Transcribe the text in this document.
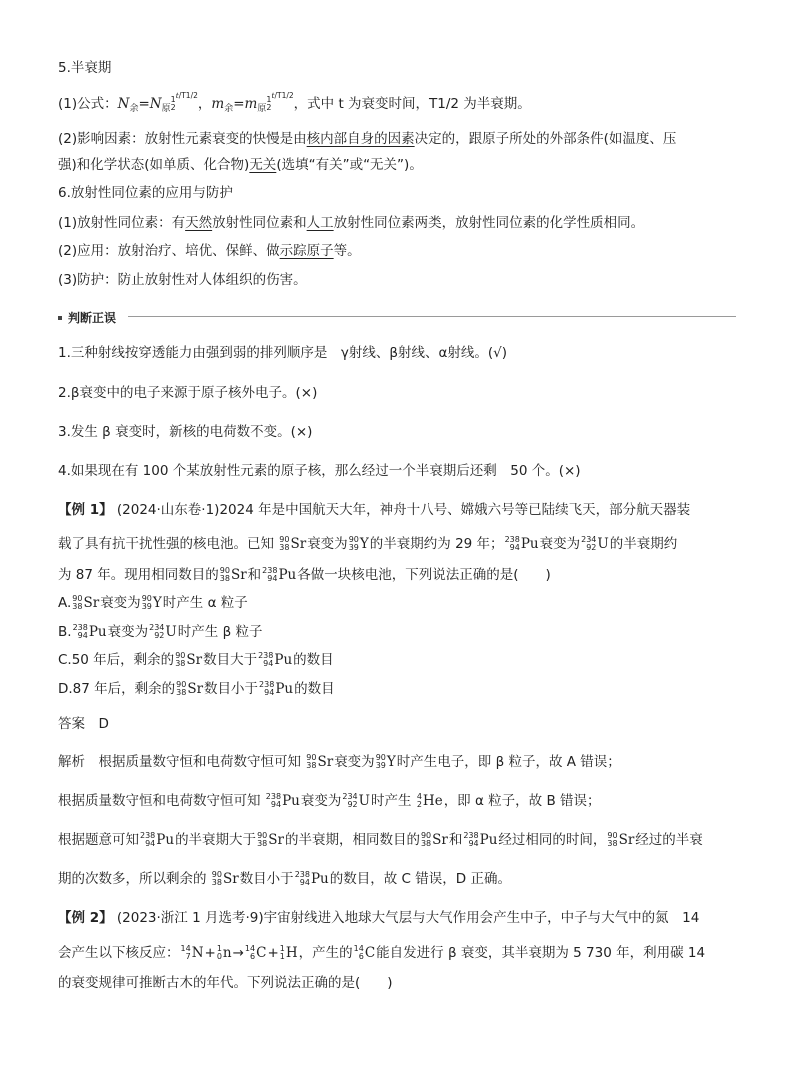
5.半衰期
(1)公式：$N_余=N_原$
1
2
$^{t/T1/2}$，$m_余=m_原$
1
2
$^{t/T1/2}$，式中 t 为衰变时间，T1/2 为半衰期。
(2)影响因素：放射性元素衰变的快慢是由核内部自身的因素决定的，跟原子所处的外部条件(如温度、压
强)和化学状态(如单质、化合物)无关(选填“有关”或“无关”)。
6.放射性同位素的应用与防护
(1)放射性同位素：有天然放射性同位素和人工放射性同位素两类，放射性同位素的化学性质相同。
(2)应用：放射治疗、培优、保鲜、做示踪原子等。
(3)防护：防止放射性对人体组织的伤害。
判断正误
1.三种射线按穿透能力由强到弱的排列顺序是　γ射线、β射线、α射线。(√)
2.β衰变中的电子来源于原子核外电子。(×)
3.发生 β 衰变时，新核的电荷数不变。(×)
4.如果现在有 100 个某放射性元素的原子核，那么经过一个半衰期后还剩　50 个。(×)
【例 1】 (2024·山东卷·1)2024 年是中国航天大年，神舟十八号、嫦娥六号等已陆续飞天，部分航天器装
载了具有抗干扰性强的核电池。已知 90
38 Sr 衰变为 90
39 Y 的半衰期约为 29 年； 238
94 Pu 衰变为 234
92 U 的半衰期约
为 87 年。现用相同数目的 90
38 Sr 和 238
94 Pu 各做一块核电池，下列说法正确的是(　　)
A. 90
38 Sr 衰变为 90
39 Y 时产生 α 粒子
B. 238
94 Pu 衰变为 234
92 U 时产生 β 粒子
C.50 年后，剩余的 90
38 Sr 数目大于 238
94 Pu 的数目
D.87 年后，剩余的 90
38 Sr 数目小于 238
94 Pu 的数目
答案　D
解析　根据质量数守恒和电荷数守恒可知 90
38 Sr 衰变为 90
39 Y 时产生电子，即 β 粒子，故 A 错误；
根据质量数守恒和电荷数守恒可知 238
94 Pu 衰变为 234
92 U 时产生 4
2 He ，即 α 粒子，故 B 错误；
根据题意可知 238
94 Pu 的半衰期大于 90
38 Sr 的半衰期，相同数目的 90
38 Sr 和 238
94 Pu 经过相同的时间， 90
38 Sr 经过的半衰
期的次数多，所以剩余的 90
38 Sr 数目小于 238
94 Pu 的数目，故 C 错误，D 正确。
【例 2】 (2023·浙江 1 月选考·9)宇宙射线进入地球大气层与大气作用会产生中子，中子与大气中的氮　14
会产生以下核反应： 14
7 N + 1
0 n → 14
6 C + 1
1 H ，产生的 14
6 C 能自发进行 β 衰变，其半衰期为 5 730 年，利用碳 14
的衰变规律可推断古木的年代。下列说法正确的是(　　)
